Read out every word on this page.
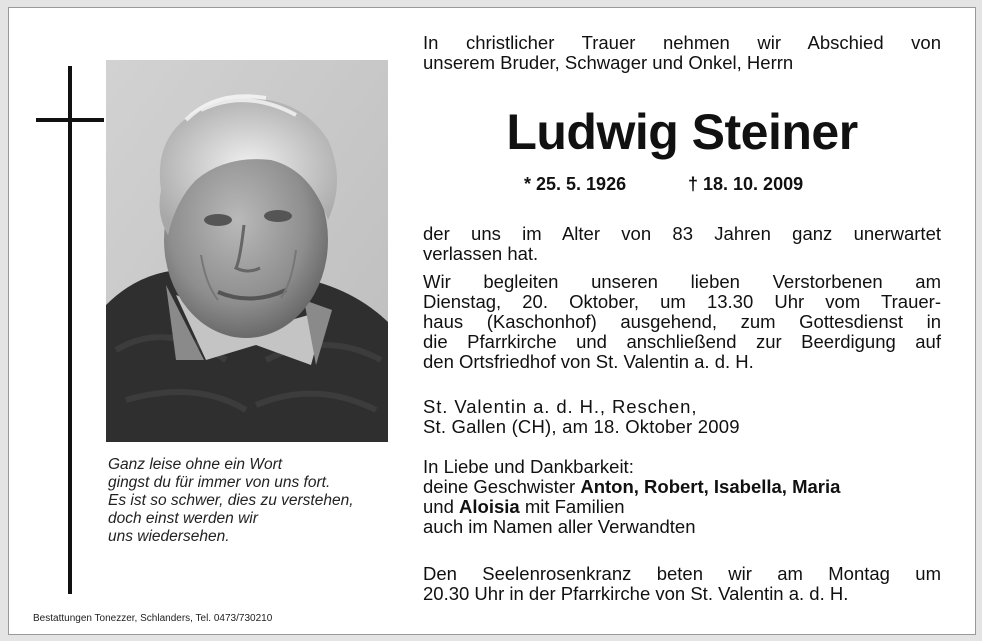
Ganz leise ohne ein Wort
gingst du für immer von uns fort.
Es ist so schwer, dies zu verstehen,
doch einst werden wir
uns wiedersehen.
Bestattungen Tonezzer, Schlanders, Tel. 0473/730210
In christlicher Trauer nehmen wir Abschied von
unserem Bruder, Schwager und Onkel, Herrn
Ludwig Steiner
* 25. 5. 1926	† 18. 10. 2009
der uns im Alter von 83 Jahren ganz unerwartet
verlassen hat.
Wir begleiten unseren lieben Verstorbenen am
Dienstag, 20. Oktober, um 13.30 Uhr vom Trauer-
haus (Kaschonhof) ausgehend, zum Gottesdienst in
die Pfarrkirche und anschließend zur Beerdigung auf
den Ortsfriedhof von St. Valentin a. d. H.
St. Valentin a. d. H., Reschen,
St. Gallen (CH), am 18. Oktober 2009
In Liebe und Dankbarkeit:
deine Geschwister Anton, Robert, Isabella, Maria
und Aloisia mit Familien
auch im Namen aller Verwandten
Den Seelenrosenkranz beten wir am Montag um
20.30 Uhr in der Pfarrkirche von St. Valentin a. d. H.
